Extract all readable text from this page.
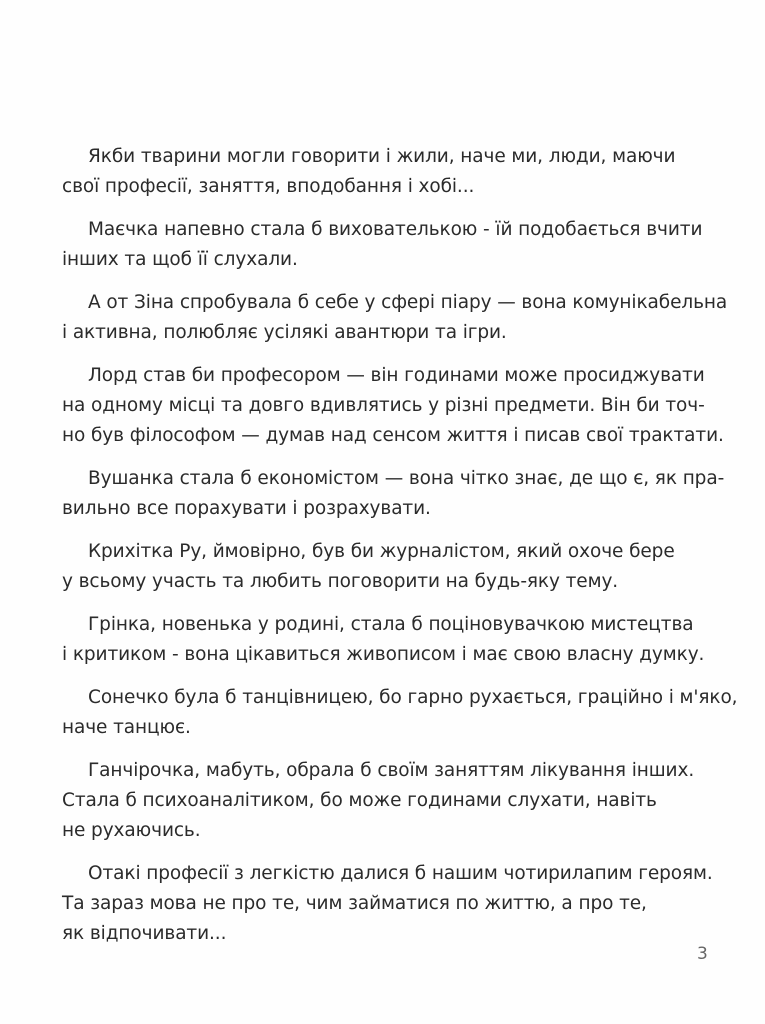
Якби тварини могли говорити і жили, наче ми, люди, маючи
свої професії, заняття, вподобання і хобі...

Маєчка напевно стала б вихователькою - їй подобається вчити
інших та щоб її слухали.

А от Зіна спробувала б себе у сфері піару — вона комунікабельна
і активна, полюбляє усілякі авантюри та ігри.

Лорд став би професором — він годинами може просиджувати
на одному місці та довго вдивлятись у різні предмети. Він би точ-
но був філософом — думав над сенсом життя і писав свої трактати.

Вушанка стала б економістом — вона чітко знає, де що є, як пра-
вильно все порахувати і розрахувати.

Крихітка Ру, ймовірно, був би журналістом, який охоче бере
у всьому участь та любить поговорити на будь-яку тему.

Грінка, новенька у родині, стала б поціновувачкою мистецтва
і критиком - вона цікавиться живописом і має свою власну думку.

Сонечко була б танцівницею, бо гарно рухається, граційно і м'яко,
наче танцює.

Ганчірочка, мабуть, обрала б своїм заняттям лікування інших.
Стала б психоаналітиком, бо може годинами слухати, навіть
не рухаючись.

Отакі професії з легкістю далися б нашим чотирилапим героям.
Та зараз мова не про те, чим займатися по життю, а про те,
як відпочивати...

3
